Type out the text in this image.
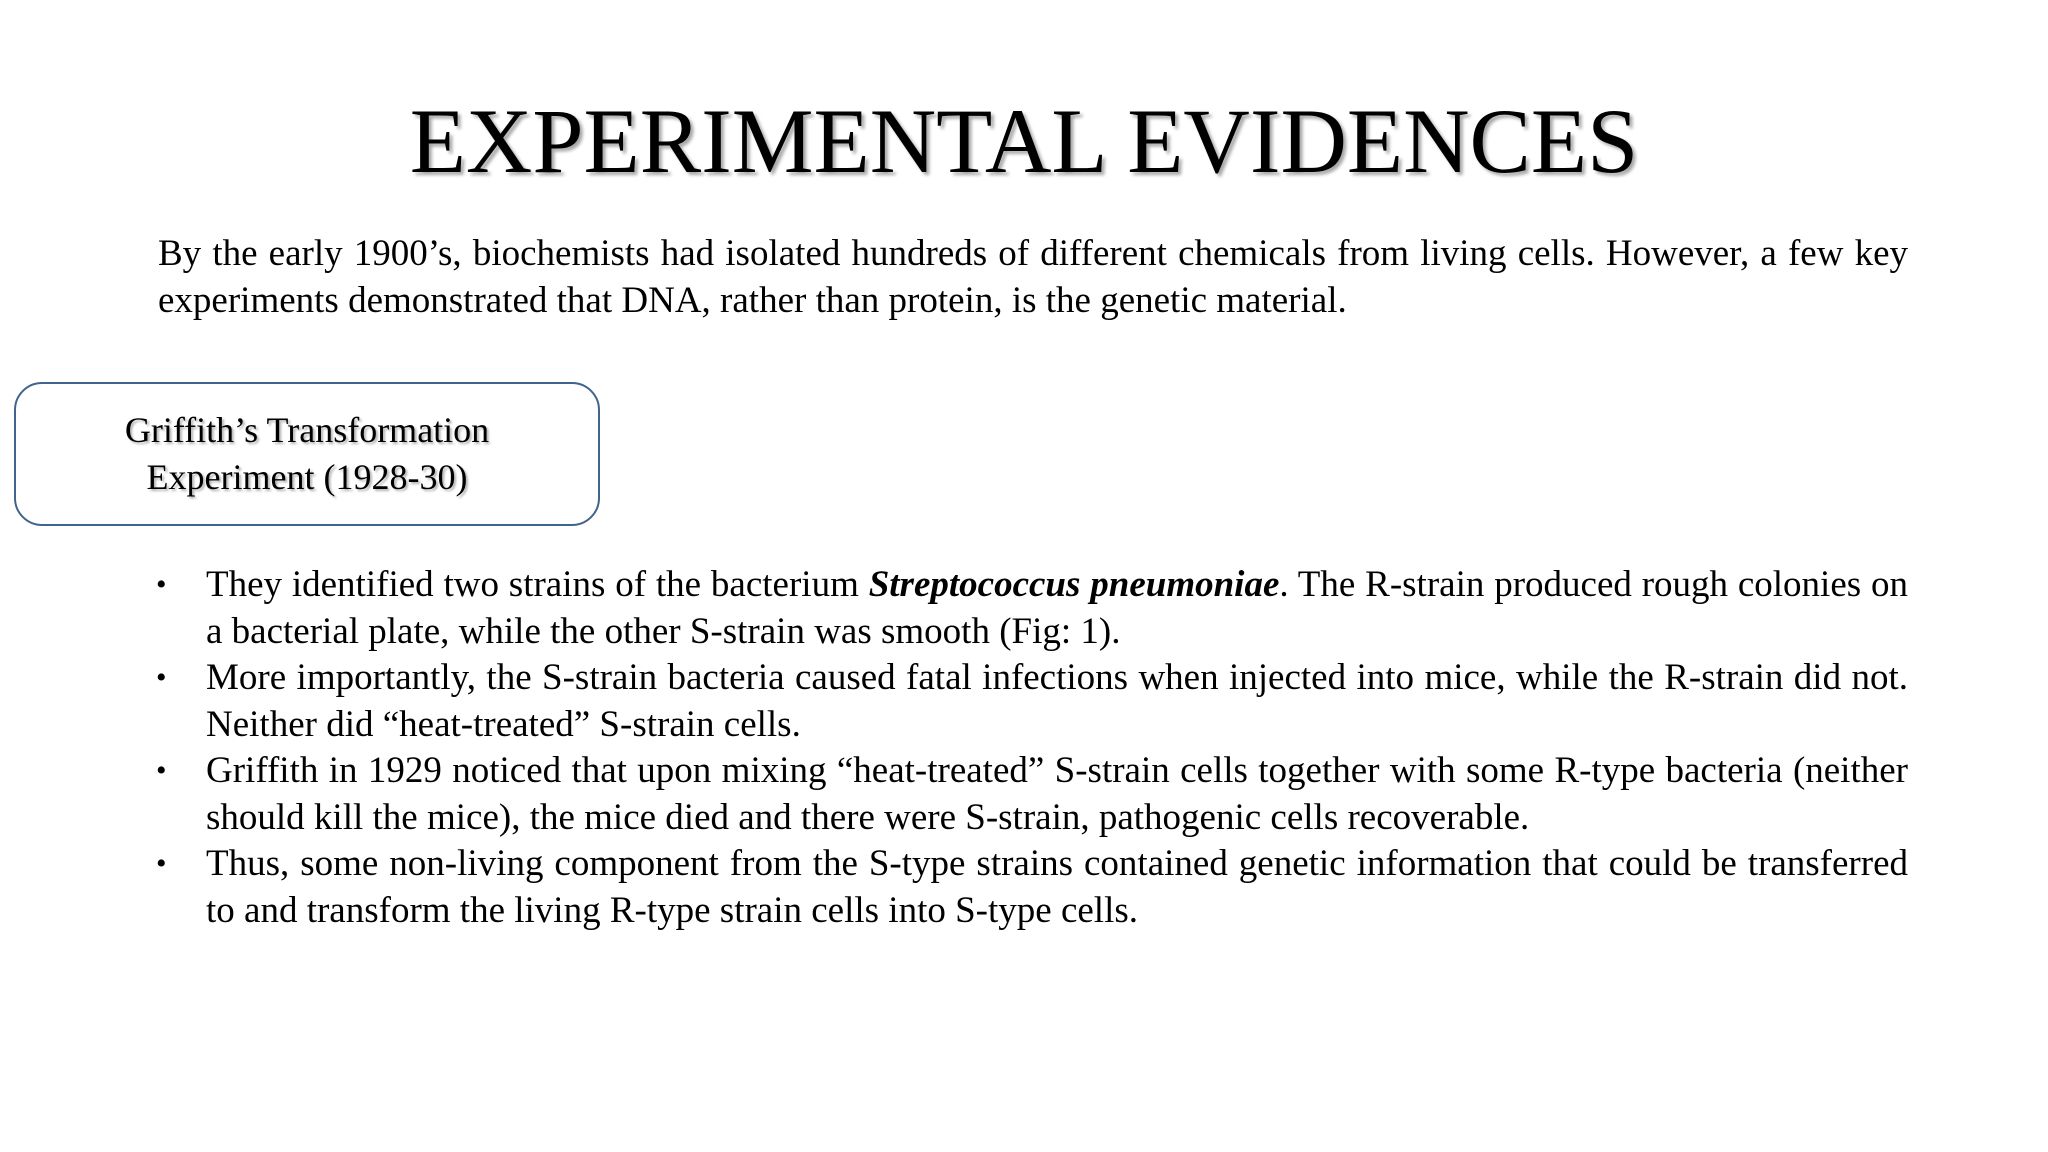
EXPERIMENTAL EVIDENCES
By the early 1900’s, biochemists had isolated hundreds of different chemicals from living cells. However, a few key experiments demonstrated that DNA, rather than protein, is the genetic material.
Griffith’s Transformation
Experiment (1928-30)
• They identified two strains of the bacterium Streptococcus pneumoniae. The R-strain produced rough colonies on a bacterial plate, while the other S-strain was smooth (Fig: 1).
• More importantly, the S-strain bacteria caused fatal infections when injected into mice, while the R-strain did not. Neither did “heat-treated” S-strain cells.
• Griffith in 1929 noticed that upon mixing “heat-treated” S-strain cells together with some R-type bacteria (neither should kill the mice), the mice died and there were S-strain, pathogenic cells recoverable.
• Thus, some non-living component from the S-type strains contained genetic information that could be transferred to and transform the living R-type strain cells into S-type cells.
